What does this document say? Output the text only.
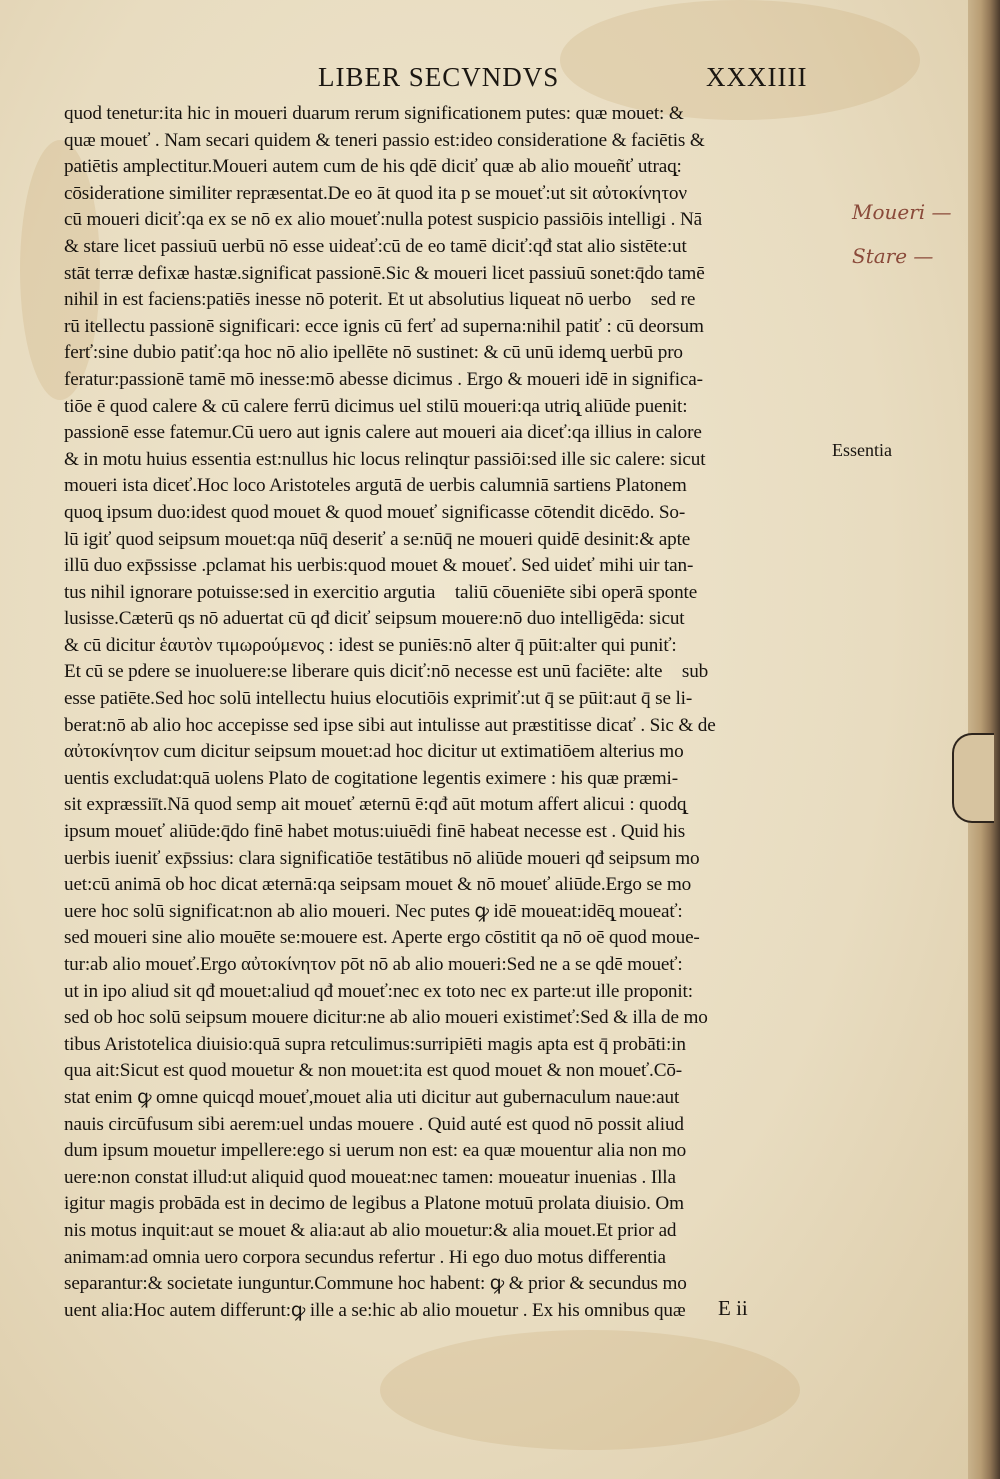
LIBER SECVNDVS	XXXIIII
quod tenetur:ita hic in moueri duarum rerum significationem putes: quæ mouet: &
quæ moueť . Nam secari quidem & teneri passio est:ideo consideratione & faciētis &
patiētis amplectitur.Moueri autem cum de his qdē diciť quæ ab alio moueñť utraq̨:
cōsideratione similiter repræsentat.De eo āt quod ita p se moueť:ut sit αὐτοκίνητον
cū moueri diciť:qa ex se nō ex alio moueť:nulla potest suspicio passiōis intelligi . Nā
& stare licet passiuū uerbū nō esse uideať:cū de eo tamē diciť:qđ stat alio sistēte:ut
stāt terræ defixæ hastæ.significat passionē.Sic & moueri licet passiuū sonet:q̄do tamē
nihil in est faciens:patiēs inesse nō poterit. Et ut absolutius liqueat nō uerbo᷑ sed re
rū itellectu passionē significari: ecce ignis cū ferť ad superna:nihil patiť : cū deorsum
ferť:sine dubio patiť:qa hoc nō alio ipellēte nō sustinet: & cū unū idemq̨ uerbū pro
feratur:passionē tamē mō inesse:mō abesse dicimus . Ergo & moueri idē in significa-
tiōe ē quod calere & cū calere ferrū dicimus uel stilū moueri:qa utriq̨ aliūde puenit:
passionē esse fatemur.Cū uero aut ignis calere aut moueri aia diceť:qa illius in calore
& in motu huius essentia est:nullus hic locus relinqtur passiōi:sed ille sic calere: sicut
moueri ista diceť.Hoc loco Aristoteles argutā de uerbis calumniā sartiens Platonem
quoq̨ ipsum duo:idest quod mouet & quod moueť significasse cōtendit dicēdo. So-
lū igiť quod seipsum mouet:qa nūq̄ deseriť a se:nūq̄ ne moueri quidē desinit:& apte
illū duo exp̄ssisse .pclamat his uerbis:quod mouet & moueť. Sed uideť mihi uir tan-
tus nihil ignorare potuisse:sed in exercitio argutia᷑ taliū cōueniēte sibi operā sponte
lusisse.Cæterū qs nō aduertat cū qđ diciť seipsum mouere:nō duo intelligēda: sicut
& cū dicitur ἑαυτὸν τιμωρούμενος : idest se puniēs:nō alter q̄ pūit:alter qui puniť:
Et cū se pdere se inuoluere:se liberare quis diciť:nō necesse est unū faciēte: alte᷑ sub
esse patiēte.Sed hoc solū intellectu huius elocutiōis exprimiť:ut q̄ se pūit:aut q̄ se li-
berat:nō ab alio hoc accepisse sed ipse sibi aut intulisse aut præstitisse dicať . Sic & de
αὐτοκίνητον cum dicitur seipsum mouet:ad hoc dicitur ut extimatiōem alterius mo
uentis excludat:quā uolens Plato de cogitatione legentis eximere : his quæ præmi-
sit expræssiīt.Nā quod semp ait moueť æternū ē:qđ aūt motum affert alicui : quodq̨
ipsum moueť aliūde:q̄do finē habet motus:uiuēdi finē habeat necesse est . Quid his
uerbis iueniť exp̄ssius: clara significatiōe testātibus nō aliūde moueri qđ seipsum mo
uet:cū animā ob hoc dicat æternā:qa seipsam mouet & nō moueť aliūde.Ergo se mo
uere hoc solū significat:non ab alio moueri. Nec putes ꝙ idē moueat:idēq̨ moueať:
sed moueri sine alio mouēte se:mouere est. Aperte ergo cōstitit qa nō oē quod moue-
tur:ab alio moueť.Ergo αὐτοκίνητον pōt nō ab alio moueri:Sed ne a se qdē moueť:
ut in ipo aliud sit qđ mouet:aliud qđ moueť:nec ex toto nec ex parte:ut ille proponit:
sed ob hoc solū seipsum mouere dicitur:ne ab alio moueri existimeť:Sed & illa de mo
tibus Aristotelica diuisio:quā supra retculimus:surripiēti magis apta est q̄ probāti:in
qua ait:Sicut est quod mouetur & non mouet:ita est quod mouet & non moueť.Cō-
stat enim ꝙ omne quicqd moueť,mouet alia uti dicitur aut gubernaculum naue:aut
nauis circūfusum sibi aerem:uel undas mouere . Quid auté est quod nō possit aliud
dum ipsum mouetur impellere:ego si uerum non est: ea quæ mouentur alia non mo
uere:non constat illud:ut aliquid quod moueat:nec tamen: moueatur inuenias . Illa
igitur magis probāda est in decimo de legibus a Platone motuū prolata diuisio. Om
nis motus inquit:aut se mouet & alia:aut ab alio mouetur:& alia mouet.Et prior ad
animam:ad omnia uero corpora secundus refertur . Hi ego duo motus differentia
separantur:& societate iunguntur.Commune hoc habent: ꝙ & prior & secundus mo
uent alia:Hoc autem differunt:ꝙ ille a se:hic ab alio mouetur . Ex his omnibus quæ
Moueri —
Stare —
Essentia
E ii
